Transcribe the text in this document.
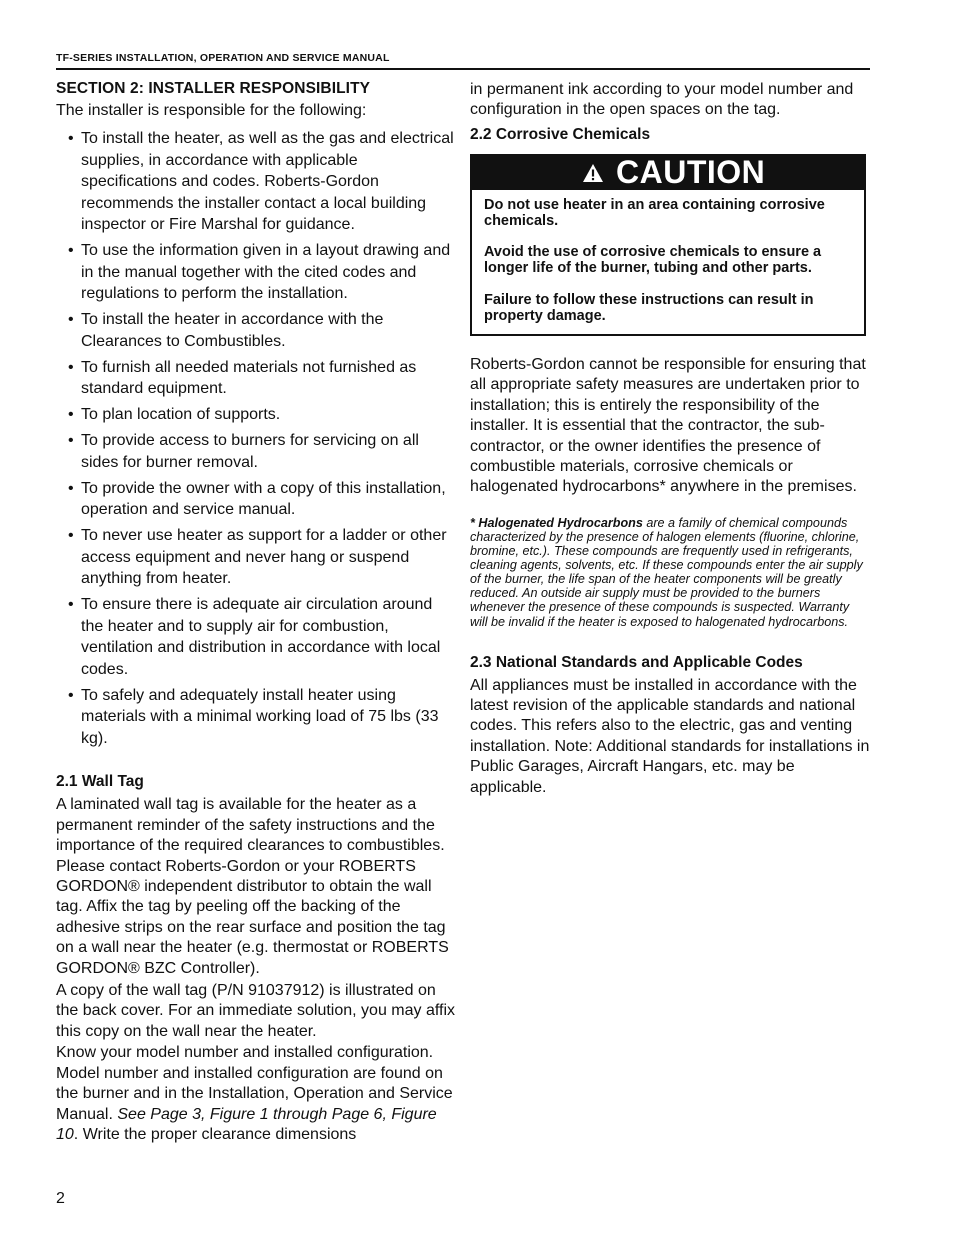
TF-SERIES INSTALLATION, OPERATION AND SERVICE MANUAL
SECTION 2: INSTALLER RESPONSIBILITY

The installer is responsible for the following:

• To install the heater, as well as the gas and electrical supplies, in accordance with applicable specifications and codes. Roberts-Gordon recommends the installer contact a local building inspector or Fire Marshal for guidance.
• To use the information given in a layout drawing and in the manual together with the cited codes and regulations to perform the installation.
• To install the heater in accordance with the Clearances to Combustibles.
• To furnish all needed materials not furnished as standard equipment.
• To plan location of supports.
• To provide access to burners for servicing on all sides for burner removal.
• To provide the owner with a copy of this installation, operation and service manual.
• To never use heater as support for a ladder or other access equipment and never hang or suspend anything from heater.
• To ensure there is adequate air circulation around the heater and to supply air for combustion, ventilation and distribution in accordance with local codes.
• To safely and adequately install heater using materials with a minimal working load of 75 lbs (33 kg).
2.1 Wall Tag

A laminated wall tag is available for the heater as a permanent reminder of the safety instructions and the importance of the required clearances to combustibles. Please contact Roberts-Gordon or your ROBERTS GORDON® independent distributor to obtain the wall tag. Affix the tag by peeling off the backing of the adhesive strips on the rear surface and position the tag on a wall near the heater (e.g. thermostat or ROBERTS GORDON® BZC Controller).

A copy of the wall tag (P/N 91037912) is illustrated on the back cover. For an immediate solution, you may affix this copy on the wall near the heater.

Know your model number and installed configuration. Model number and installed configuration are found on the burner and in the Installation, Operation and Service Manual. See Page 3, Figure 1 through Page 6, Figure 10. Write the proper clearance dimensions

in permanent ink according to your model number and configuration in the open spaces on the tag.

2.2 Corrosive Chemicals
CAUTION

Do not use heater in an area containing corrosive chemicals.

Avoid the use of corrosive chemicals to ensure a longer life of the burner, tubing and other parts.

Failure to follow these instructions can result in property damage.

Roberts-Gordon cannot be responsible for ensuring that all appropriate safety measures are undertaken prior to installation; this is entirely the responsibility of the installer. It is essential that the contractor, the sub-contractor, or the owner identifies the presence of combustible materials, corrosive chemicals or halogenated hydrocarbons* anywhere in the premises.

* Halogenated Hydrocarbons are a family of chemical compounds characterized by the presence of halogen elements (fluorine, chlorine, bromine, etc.). These compounds are frequently used in refrigerants, cleaning agents, solvents, etc. If these compounds enter the air supply of the burner, the life span of the heater components will be greatly reduced. An outside air supply must be provided to the burners whenever the presence of these compounds is suspected. Warranty will be invalid if the heater is exposed to halogenated hydrocarbons.

2.3 National Standards and Applicable Codes

All appliances must be installed in accordance with the latest revision of the applicable standards and national codes. This refers also to the electric, gas and venting installation. Note: Additional standards for installations in Public Garages, Aircraft Hangars, etc. may be applicable.

2
